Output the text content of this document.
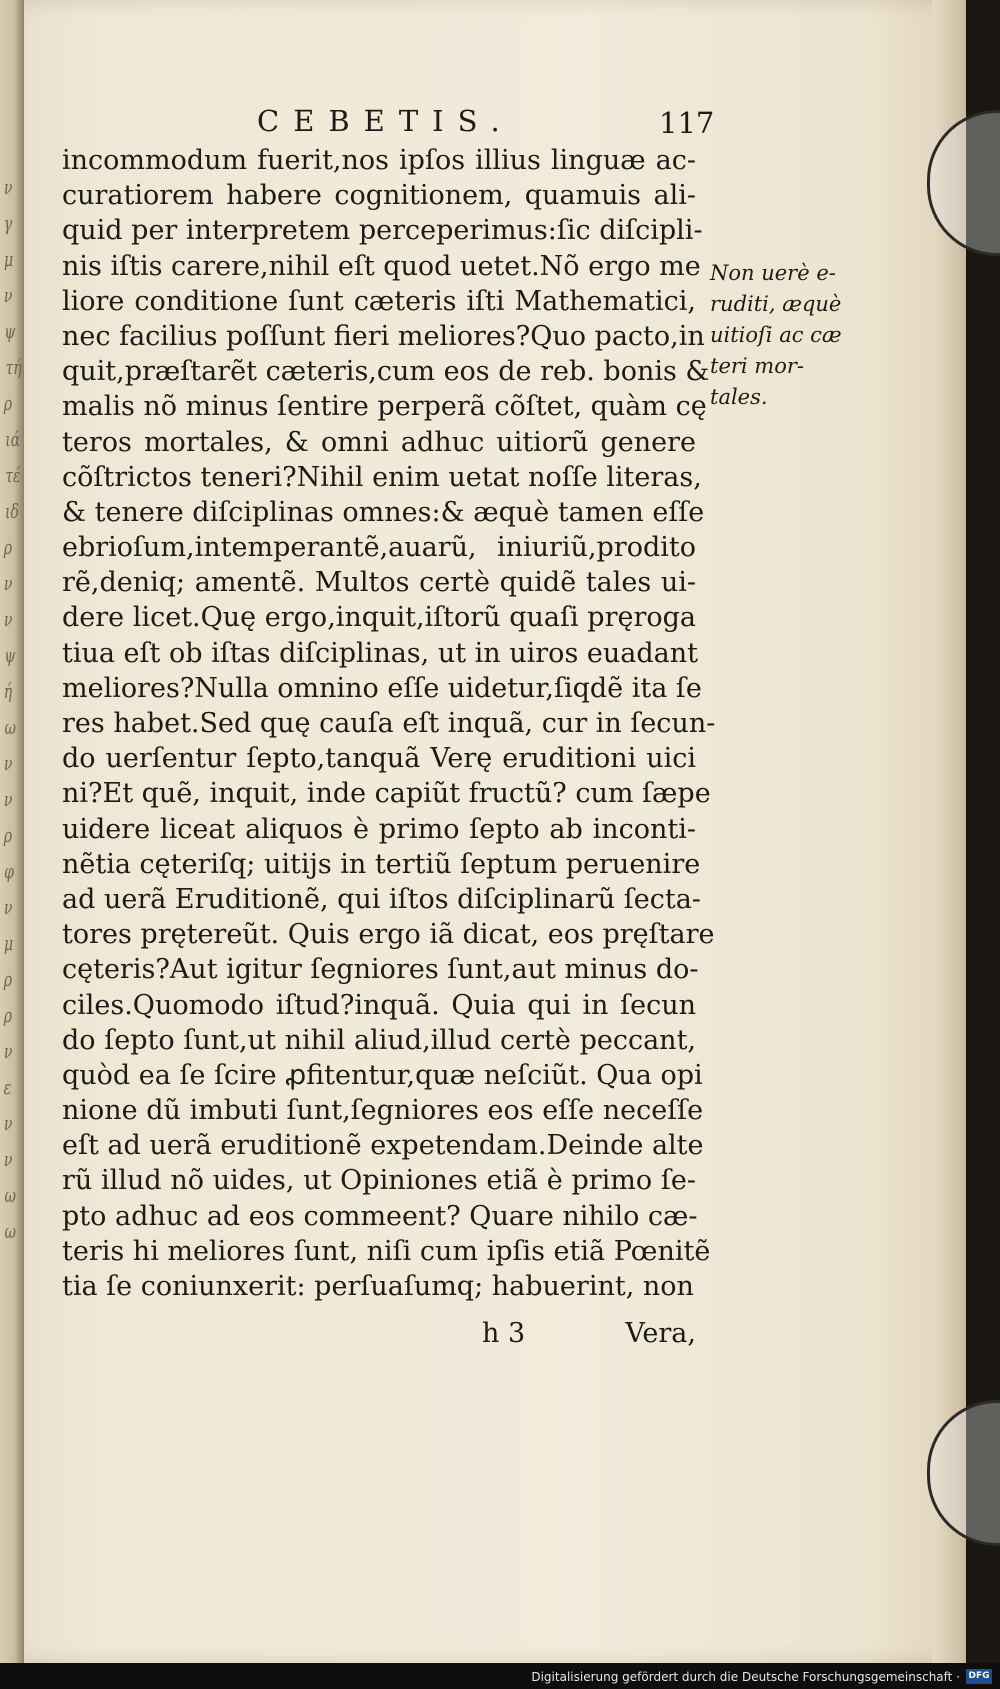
ν
γ
μ
ν
ψ
τή
ρ
ιά
τέ
ιδ
ρ
ν
ν
ψ
ή
ω
ν
ν
ρ
φ
ν
μ
ρ
ρ
ν
ε
ν
ν
ω
ω
CEBETIS.	117
incommodum fuerit,nos ipſos illius linguæ ac-
curatiorem habere cognitionem, quamuis ali-
quid per interpretem perceperimus:ſic diſcipli-
nis iſtis carere,nihil eſt quod uetet.Nõ ergo me
liore conditione ſunt cæteris iſti Mathematici,
nec facilius poſſunt fieri meliores?Quo pacto,in
quit,præſtarẽt cæteris,cum eos de reb. bonis &
malis nõ minus ſentire perperã cõſtet, quàm cę
teros mortales, & omni adhuc uitiorũ genere
cõſtrictos teneri?Nihil enim uetat noſſe literas,
& tenere diſciplinas omnes:& æquè tamen eſſe
ebrioſum,intemperantẽ,auarũ, iniuriũ,prodito
rẽ,deniq; amentẽ. Multos certè quidẽ tales ui-
dere licet.Quę ergo,inquit,iſtorũ quaſi pręroga
tiua eſt ob iſtas diſciplinas, ut in uiros euadant
meliores?Nulla omnino eſſe uidetur,ſiqdẽ ita ſe
res habet.Sed quę cauſa eſt inquã, cur in ſecun-
do uerſentur ſepto,tanquã Verę eruditioni uici
ni?Et quẽ, inquit, inde capiũt fructũ? cum ſæpe
uidere liceat aliquos è primo ſepto ab inconti-
nẽtia cęteriſq; uitijs in tertiũ ſeptum peruenire
ad uerã Eruditionẽ, qui iſtos diſciplinarũ ſecta-
tores prętereũt. Quis ergo iã dicat, eos pręſtare
cęteris?Aut igitur ſegniores ſunt,aut minus do-
ciles.Quomodo iſtud?inquã. Quia qui in ſecun
do ſepto ſunt,ut nihil aliud,illud certè peccant,
quòd ea ſe ſcire ꝓfitentur,quæ neſciũt. Qua opi
nione dũ imbuti ſunt,ſegniores eos eſſe neceſſe
eſt ad uerã eruditionẽ expetendam.Deinde alte
rũ illud nõ uides, ut Opiniones etiã è primo ſe-
pto adhuc ad eos commeent? Quare nihilo cæ-
teris hi meliores ſunt, niſi cum ipſis etiã Pœnitẽ
tia ſe coniunxerit: perſuaſumq; habuerint, non
h 3	Vera,
Non uerè e-
ruditi, æquè
uitioſi ac cæ
teri mor-
tales.
Digitalisierung gefördert durch die Deutsche Forschungsgemeinschaft · DFG
